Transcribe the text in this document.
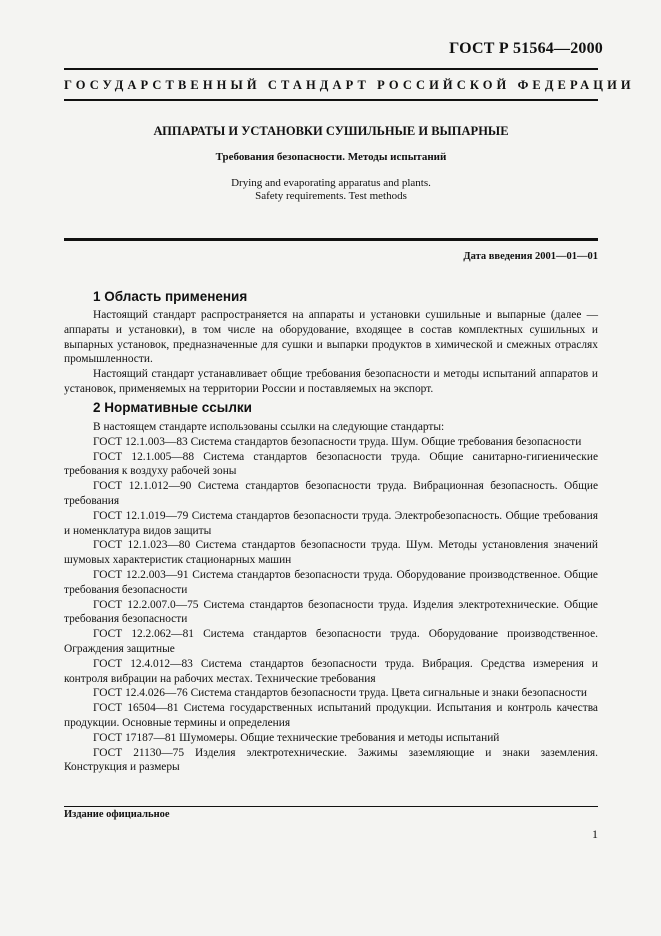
ГОСТ Р 51564—2000
ГОСУДАРСТВЕННЫЙ СТАНДАРТ РОССИЙСКОЙ ФЕДЕРАЦИИ
АППАРАТЫ И УСТАНОВКИ СУШИЛЬНЫЕ И ВЫПАРНЫЕ
Требования безопасности. Методы испытаний
Drying and evaporating apparatus and plants.
Safety requirements. Test methods
Дата введения 2001—01—01
1 Область применения

Настоящий стандарт распространяется на аппараты и установки сушильные и выпарные (далее — аппараты и установки), в том числе на оборудование, входящее в состав комплектных сушильных и выпарных установок, предназначенные для сушки и выпарки продуктов в химической и смежных отраслях промышленности.

Настоящий стандарт устанавливает общие требования безопасности и методы испытаний аппаратов и установок, применяемых на территории России и поставляемых на экспорт.

2 Нормативные ссылки

В настоящем стандарте использованы ссылки на следующие стандарты:

ГОСТ 12.1.003—83 Система стандартов безопасности труда. Шум. Общие требования безопасности

ГОСТ 12.1.005—88 Система стандартов безопасности труда. Общие санитарно-гигиенические требования к воздуху рабочей зоны

ГОСТ 12.1.012—90 Система стандартов безопасности труда. Вибрационная безопасность. Общие требования

ГОСТ 12.1.019—79 Система стандартов безопасности труда. Электробезопасность. Общие требования и номенклатура видов защиты

ГОСТ 12.1.023—80 Система стандартов безопасности труда. Шум. Методы установления значений шумовых характеристик стационарных машин

ГОСТ 12.2.003—91 Система стандартов безопасности труда. Оборудование производственное. Общие требования безопасности

ГОСТ 12.2.007.0—75 Система стандартов безопасности труда. Изделия электротехнические. Общие требования безопасности

ГОСТ 12.2.062—81 Система стандартов безопасности труда. Оборудование производственное. Ограждения защитные

ГОСТ 12.4.012—83 Система стандартов безопасности труда. Вибрация. Средства измерения и контроля вибрации на рабочих местах. Технические требования

ГОСТ 12.4.026—76 Система стандартов безопасности труда. Цвета сигнальные и знаки безопасности

ГОСТ 16504—81 Система государственных испытаний продукции. Испытания и контроль качества продукции. Основные термины и определения

ГОСТ 17187—81 Шумомеры. Общие технические требования и методы испытаний

ГОСТ 21130—75 Изделия электротехнические. Зажимы заземляющие и знаки заземления. Конструкция и размеры

Издание официальное
1
